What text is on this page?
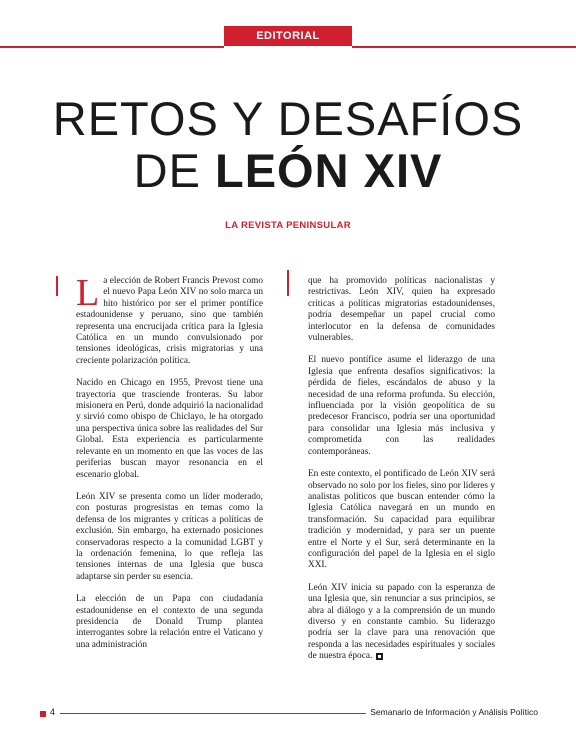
EDITORIAL
RETOS Y DESAFÍOS
DE LEÓN XIV
LA REVISTA PENINSULAR

La elección de Robert Francis Prevost como el nuevo Papa León XIV no solo marca un hito histórico por ser el primer pontífice estadounidense y peruano, sino que también representa una encrucijada crítica para la Iglesia Católica en un mundo convulsionado por tensiones ideológicas, crisis migratorias y una creciente polarización política.

Nacido en Chicago en 1955, Prevost tiene una trayectoria que trasciende fronteras. Su labor misionera en Perú, donde adquirió la nacionalidad y sirvió como obispo de Chiclayo, le ha otorgado una perspectiva única sobre las realidades del Sur Global. Esta experiencia es particularmente relevante en un momento en que las voces de las periferias buscan mayor resonancia en el escenario global.

León XIV se presenta como un líder moderado, con posturas progresistas en temas como la defensa de los migrantes y críticas a políticas de exclusión. Sin embargo, ha externado posiciones conservadoras respecto a la comunidad LGBT y la ordenación femenina, lo que refleja las tensiones internas de una Iglesia que busca adaptarse sin perder su esencia.

La elección de un Papa con ciudadanía estadounidense en el contexto de una segunda presidencia de Donald Trump plantea interrogantes sobre la relación entre el Vaticano y una administración

que ha promovido políticas nacionalistas y restrictivas. León XIV, quien ha expresado críticas a políticas migratorias estadounidenses, podría desempeñar un papel crucial como interlocutor en la defensa de comunidades vulnerables.

El nuevo pontífice asume el liderazgo de una Iglesia que enfrenta desafíos significativos: la pérdida de fieles, escándalos de abuso y la necesidad de una reforma profunda. Su elección, influenciada por la visión geopolítica de su predecesor Francisco, podría ser una oportunidad para consolidar una Iglesia más inclusiva y comprometida con las realidades contemporáneas.

En este contexto, el pontificado de León XIV será observado no solo por los fieles, sino por líderes y analistas políticos que buscan entender cómo la Iglesia Católica navegará en un mundo en transformación. Su capacidad para equilibrar tradición y modernidad, y para ser un puente entre el Norte y el Sur, será determinante en la configuración del papel de la Iglesia en el siglo XXI.

León XIV inicia su papado con la esperanza de una Iglesia que, sin renunciar a sus principios, se abra al diálogo y a la comprensión de un mundo diverso y en constante cambio. Su liderazgo podría ser la clave para una renovación que responda a las necesidades espirituales y sociales de nuestra época.

4	Semanario de Información y Análisis Político
